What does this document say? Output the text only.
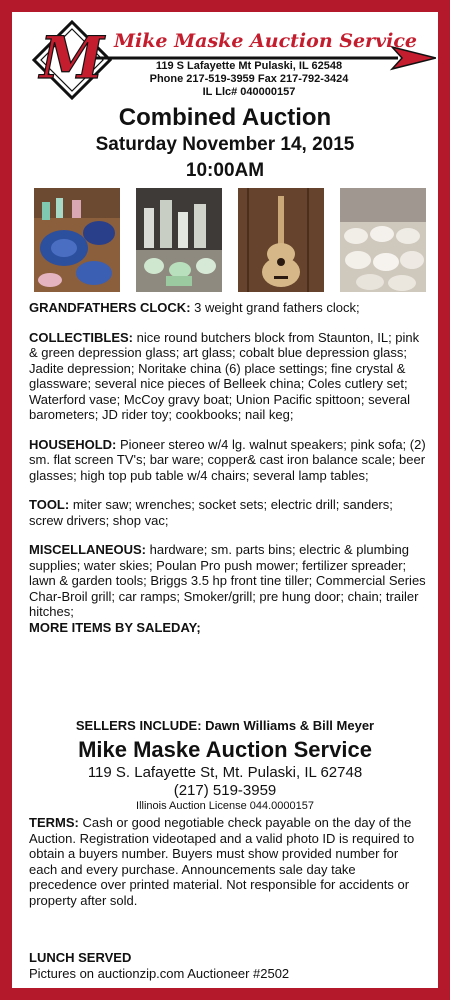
M Mike Maske Auction Service
119 S Lafayette Mt Pulaski, IL 62548
Phone 217-519-3959 Fax 217-792-3424
IL Llc# 040000157
Combined Auction
Saturday November 14, 2015
10:00AM

GRANDFATHERS CLOCK: 3 weight grand fathers clock;

COLLECTIBLES: nice round butchers block from Staunton, IL; pink & green depression glass; art glass; cobalt blue depression glass; Jadite depression; Noritake china (6) place settings; fine crystal & glassware; several nice pieces of Belleek china; Coles cutlery set; Waterford vase; McCoy gravy boat; Union Pacific spittoon; several barometers; JD rider toy; cookbooks; nail keg;

HOUSEHOLD: Pioneer stereo w/4 lg. walnut speakers; pink sofa; (2) sm. flat screen TV's; bar ware; copper& cast iron balance scale; beer glasses; high top pub table w/4 chairs; several lamp tables;

TOOL: miter saw; wrenches; socket sets; electric drill; sanders; screw drivers; shop vac;

MISCELLANEOUS: hardware; sm. parts bins; electric & plumbing supplies; water skies; Poulan Pro push mower; fertilizer spreader; lawn & garden tools; Briggs 3.5 hp front tine tiller; Commercial Series Char-Broil grill; car ramps; Smoker/grill; pre hung door; chain; trailer hitches;

MORE ITEMS BY SALEDAY;

SELLERS INCLUDE: Dawn Williams & Bill Meyer
Mike Maske Auction Service
119 S. Lafayette St, Mt. Pulaski, IL 62748
(217) 519-3959
Illinois Auction License 044.0000157
TERMS: Cash or good negotiable check payable on the day of the Auction. Registration videotaped and a valid photo ID is required to obtain a buyers number. Buyers must show provided number for each and every purchase. Announcements sale day take precedence over printed material. Not responsible for accidents or property after sold.
LUNCH SERVED
Pictures on auctionzip.com Auctioneer #2502
